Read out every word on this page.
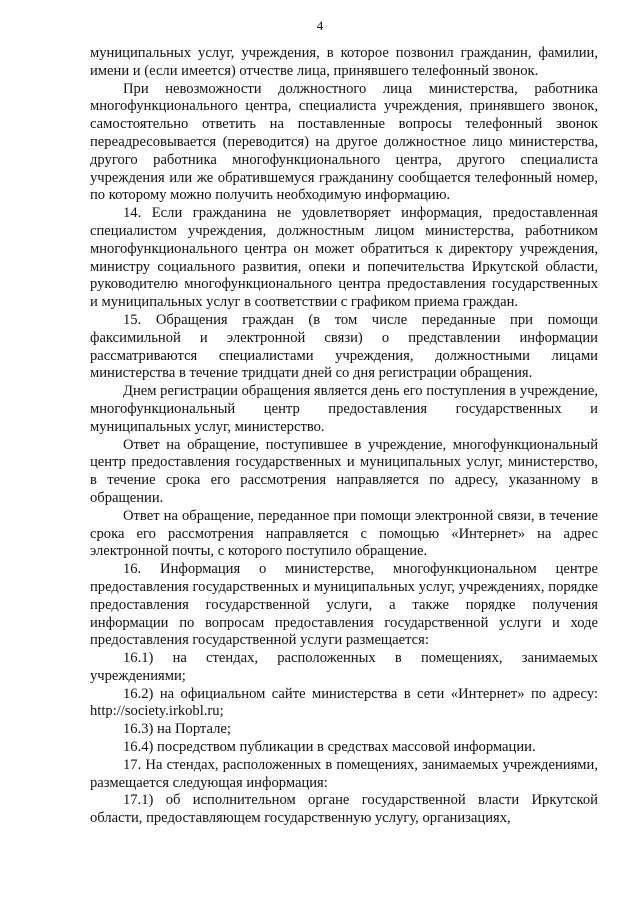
4

муниципальных услуг, учреждения, в которое позвонил гражданин, фамилии, имени и (если имеется) отчестве лица, принявшего телефонный звонок.

При невозможности должностного лица министерства, работника многофункционального центра, специалиста учреждения, принявшего звонок, самостоятельно ответить на поставленные вопросы телефонный звонок переадресовывается (переводится) на другое должностное лицо министерства, другого работника многофункционального центра, другого специалиста учреждения или же обратившемуся гражданину сообщается телефонный номер, по которому можно получить необходимую информацию.

14. Если гражданина не удовлетворяет информация, предоставленная специалистом учреждения, должностным лицом министерства, работником многофункционального центра он может обратиться к директору учреждения, министру социального развития, опеки и попечительства Иркутской области, руководителю многофункционального центра предоставления государственных и муниципальных услуг в соответствии с графиком приема граждан.

15. Обращения граждан (в том числе переданные при помощи факсимильной и электронной связи) о представлении информации рассматриваются специалистами учреждения, должностными лицами министерства в течение тридцати дней со дня регистрации обращения.

Днем регистрации обращения является день его поступления в учреждение, многофункциональный центр предоставления государственных и муниципальных услуг, министерство.

Ответ на обращение, поступившее в учреждение, многофункциональный центр предоставления государственных и муниципальных услуг, министерство, в течение срока его рассмотрения направляется по адресу, указанному в обращении.

Ответ на обращение, переданное при помощи электронной связи, в течение срока его рассмотрения направляется с помощью «Интернет» на адрес электронной почты, с которого поступило обращение.

16. Информация о министерстве, многофункциональном центре предоставления государственных и муниципальных услуг, учреждениях, порядке предоставления государственной услуги, а также порядке получения информации по вопросам предоставления государственной услуги и ходе предоставления государственной услуги размещается:

16.1) на стендах, расположенных в помещениях, занимаемых учреждениями;

16.2) на официальном сайте министерства в сети «Интернет» по адресу: http://society.irkobl.ru;

16.3) на Портале;

16.4) посредством публикации в средствах массовой информации.

17. На стендах, расположенных в помещениях, занимаемых учреждениями, размещается следующая информация:

17.1) об исполнительном органе государственной власти Иркутской области, предоставляющем государственную услугу, организациях,
